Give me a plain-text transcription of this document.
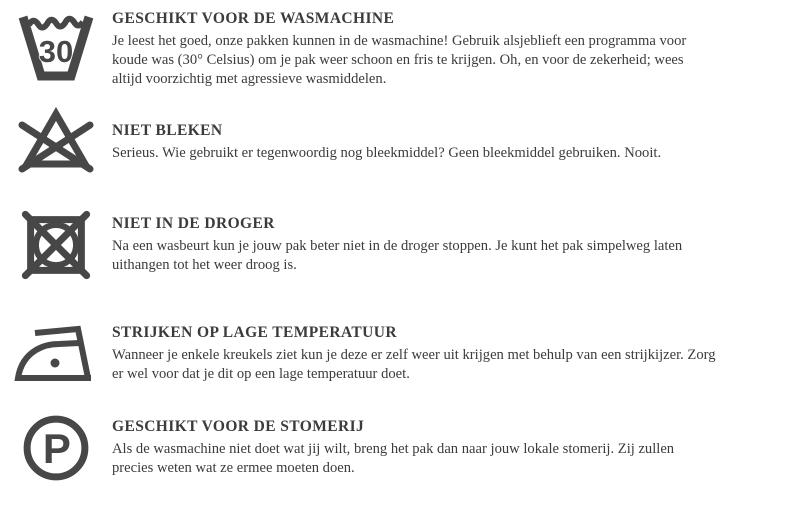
30
GESCHIKT VOOR DE WASMACHINE

Je leest het goed, onze pakken kunnen in de wasmachine! Gebruik alsjeblieft een programma voor koude was (30° Celsius) om je pak weer schoon en fris te krijgen. Oh, en voor de zekerheid; wees altijd voorzichtig met agressieve wasmiddelen.

NIET BLEKEN

Serieus. Wie gebruikt er tegenwoordig nog bleekmiddel? Geen bleekmiddel gebruiken. Nooit.

NIET IN DE DROGER

Na een wasbeurt kun je jouw pak beter niet in de droger stoppen. Je kunt het pak simpelweg laten uithangen tot het weer droog is.

STRIJKEN OP LAGE TEMPERATUUR

Wanneer je enkele kreukels ziet kun je deze er zelf weer uit krijgen met behulp van een strijkijzer. Zorg er wel voor dat je dit op een lage temperatuur doet.

P	GESCHIKT VOOR DE STOMERIJ

Als de wasmachine niet doet wat jij wilt, breng het pak dan naar jouw lokale stomerij. Zij zullen precies weten wat ze ermee moeten doen.
